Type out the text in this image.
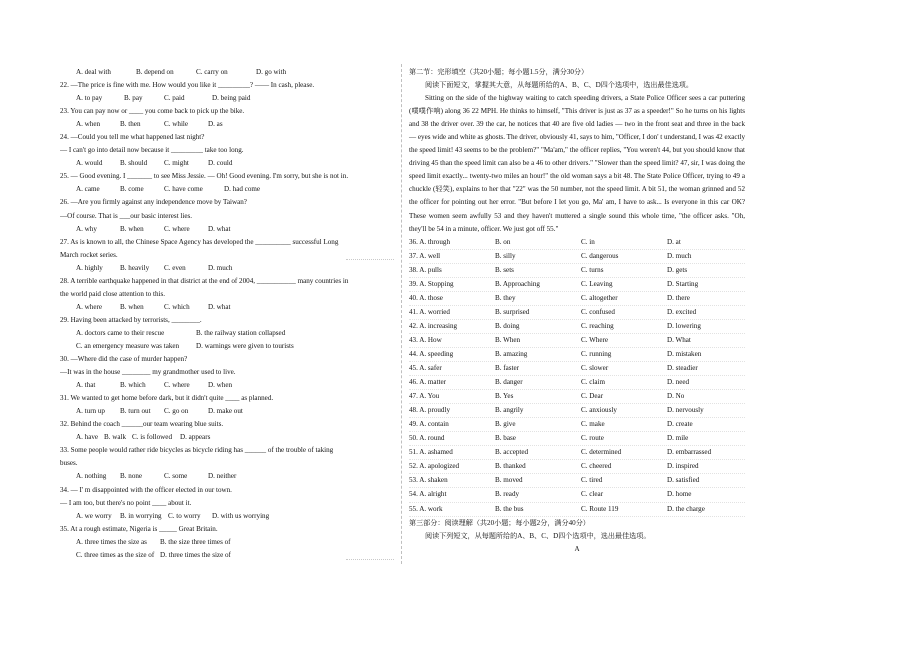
A. deal with	B. depend on	C. carry on	D. go with
22. —The price is fine with me. How would you like it _________? —— In cash, please.
A. to pay	B. pay	C. paid	D. being paid
23. You can pay now or ____ you come back to pick up the bike.
A. when	B. then	C. while	D. as
24. —Could you tell me what happened last night?
— I can't go into detail now because it _________ take too long.
A. would	B. should	C. might	D. could
25. — Good evening. I _______ to see Miss Jessie. — Oh! Good evening. I'm sorry, but she is not in.
A. came	B. come	C. have come	D. had come
26. —Are you firmly against any independence move by Taiwan?
—Of course. That is ___our basic interest lies.
A. why	B. when	C. where	D. what
27. As is known to all, the Chinese Space Agency has developed the __________ successful Long
March rocket series.
A. highly	B. heavily	C. even	D. much
28. A terrible earthquake happened in that district at the end of 2004, ___________ many countries in
the world paid close attention to this.
A. where	B. when	C. which	D. what
29. Having been attacked by terrorists, ________.
A. doctors came to their rescue	B. the railway station collapsed
C. an emergency measure was taken	D. warnings were given to tourists
30. —Where did the case of murder happen?
—It was in the house ________ my grandmother used to live.
A. that	B. which	C. where	D. when
31. We wanted to get home before dark, but it didn't quite ____ as planned.
A. turn up	B. turn out	C. go on	D. make out
32. Behind the coach ______our team wearing blue suits.
A. have B. walk C. is followed	D. appears
33. Some people would rather ride bicycles as bicycle riding has ______ of the trouble of taking
buses.
A. nothing	B. none	C. some	D. neither
34. — I' m disappointed with the officer elected in our town.
— I am too, but there's no point ____ about it.
A. we worry	B. in worrying C. to worry	D. with us worrying
35. At a rough estimate, Nigeria is _____ Great Britain.
A. three times the size as	B. the size three times of
C. three times as the size of D. three times the size of
第二节：完形填空（共20小题；每小题1.5分，满分30分）
阅读下面短文，掌握其大意，从每题所给的A、B、C、D四个选项中，选出最佳选项。
Sitting on the side of the highway waiting to catch speeding drivers, a State Police Officer sees a car puttering (噗噗作响) along 36 22 MPH. He thinks to himself, "This driver is just as 37 as a speeder!" So he turns on his lights and 38 the driver over. 39 the car, he notices that 40 are five old ladies — two in the front seat and three in the back — eyes wide and white as ghosts. The driver, obviously 41, says to him, "Officer, I don' t understand, I was 42 exactly the speed limit! 43 seems to be the problem?" "Ma'am," the officer replies, "You weren't 44, but you should know that driving 45 than the speed limit can also be a 46 to other drivers." "Slower than the speed limit? 47, sir, I was doing the speed limit exactly... twenty-two miles an hour!" the old woman says a bit 48. The State Police Officer, trying to 49 a chuckle (轻笑), explains to her that "22" was the 50 number, not the speed limit. A bit 51, the woman grinned and 52 the officer for pointing out her error. "But before I let you go, Ma' am, I have to ask... Is everyone in this car OK? These women seem awfully 53 and they haven't muttered a single sound this whole time, "the officer asks. "Oh, they'll be 54 in a minute, officer. We just got off 55."
36. A. through	B. on	C. in	D. at
37. A. well	B. silly	C. dangerous	D. much
38. A. pulls	B. sets	C. turns	D. gets
39. A. Stopping	B. Approaching	C. Leaving	D. Starting
40. A. those	B. they	C. altogether	D. there
41. A. worried	B. surprised	C. confused	D. excited
42. A. increasing	B. doing	C. reaching	D. lowering
43. A. How	B. When	C. Where	D. What
44. A. speeding	B. amazing	C. running	D. mistaken
45. A. safer	B. faster	C. slower	D. steadier
46. A. matter	B. danger	C. claim	D. need
47. A. You	B. Yes	C. Dear	D. No
48. A. proudly	B. angrily	C. anxiously	D. nervously
49. A. contain	B. give	C. make	D. create
50. A. round	B. base	C. route	D. mile
51. A. ashamed	B. accepted	C. determined	D. embarrassed
52. A. apologized	B. thanked	C. cheered	D. inspired
53. A. shaken	B. moved	C. tired	D. satisfied
54. A. alright	B. ready	C. clear	D. home
55. A. work	B. the bus	C. Route 119	D. the charge
第三部分：阅读理解（共20小题；每小题2分，满分40分）
阅读下列短文，从每题所给的A、B、C、D四个选项中，选出最佳选项。
A
